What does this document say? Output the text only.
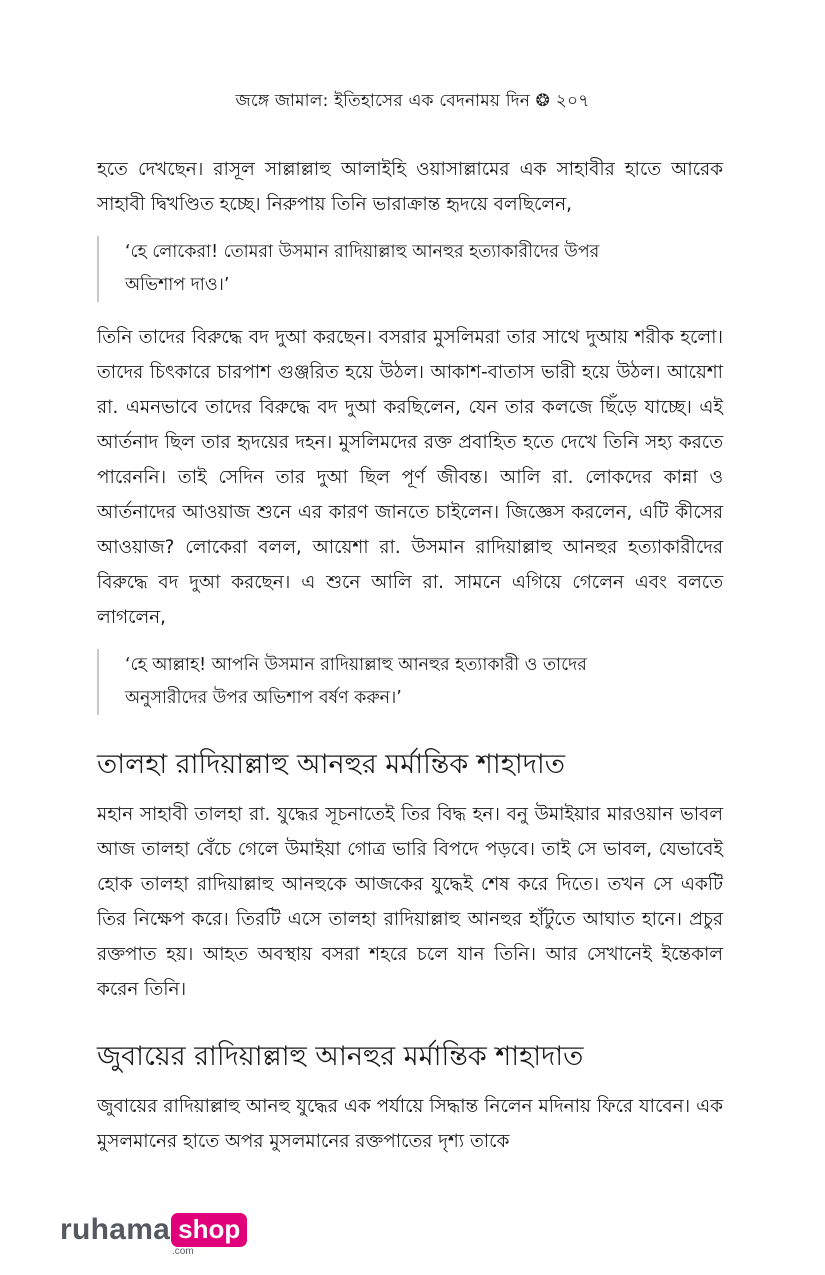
জঙ্গে জামাল: ইতিহাসের এক বেদনাময় দিন ❂ ২০৭

হতে দেখছেন। রাসূল সাল্লাল্লাহু আলাইহি ওয়াসাল্লামের এক সাহাবীর হাতে আরেক সাহাবী দ্বিখণ্ডিত হচ্ছে। নিরুপায় তিনি ভারাক্রান্ত হৃদয়ে বলছিলেন,

‘হে লোকেরা! তোমরা উসমান রাদিয়াল্লাহু আনহুর হত্যাকারীদের উপর

অভিশাপ দাও।’

তিনি তাদের বিরুদ্ধে বদ দুআ করছেন। বসরার মুসলিমরা তার সাথে দুআয় শরীক হলো। তাদের চিৎকারে চারপাশ গুঞ্জরিত হয়ে উঠল। আকাশ-বাতাস ভারী হয়ে উঠল। আয়েশা রা. এমনভাবে তাদের বিরুদ্ধে বদ দুআ করছিলেন, যেন তার কলজে ছিঁড়ে যাচ্ছে। এই আর্তনাদ ছিল তার হৃদয়ের দহন। মুসলিমদের রক্ত প্রবাহিত হতে দেখে তিনি সহ্য করতে পারেননি। তাই সেদিন তার দুআ ছিল পূর্ণ জীবন্ত। আলি রা. লোকদের কান্না ও আর্তনাদের আওয়াজ শুনে এর কারণ জানতে চাইলেন। জিজ্ঞেস করলেন, এটি কীসের আওয়াজ? লোকেরা বলল, আয়েশা রা. উসমান রাদিয়াল্লাহু আনহুর হত্যাকারীদের বিরুদ্ধে বদ দুআ করছেন। এ শুনে আলি রা. সামনে এগিয়ে গেলেন এবং বলতে লাগলেন,

‘হে আল্লাহ! আপনি উসমান রাদিয়াল্লাহু আনহুর হত্যাকারী ও তাদের

অনুসারীদের উপর অভিশাপ বর্ষণ করুন।’

তালহা রাদিয়াল্লাহু আনহুর মর্মান্তিক শাহাদাত

মহান সাহাবী তালহা রা. যুদ্ধের সূচনাতেই তির বিদ্ধ হন। বনু উমাইয়ার মারওয়ান ভাবল আজ তালহা বেঁচে গেলে উমাইয়া গোত্র ভারি বিপদে পড়বে। তাই সে ভাবল, যেভাবেই হোক তালহা রাদিয়াল্লাহু আনহুকে আজকের যুদ্ধেই শেষ করে দিতে। তখন সে একটি তির নিক্ষেপ করে। তিরটি এসে তালহা রাদিয়াল্লাহু আনহুর হাঁটুতে আঘাত হানে। প্রচুর রক্তপাত হয়। আহত অবস্থায় বসরা শহরে চলে যান তিনি। আর সেখানেই ইন্তেকাল করেন তিনি।

জুবায়ের রাদিয়াল্লাহু আনহুর মর্মান্তিক শাহাদাত

জুবায়ের রাদিয়াল্লাহু আনহু যুদ্ধের এক পর্যায়ে সিদ্ধান্ত নিলেন মদিনায় ফিরে যাবেন। এক মুসলমানের হাতে অপর মুসলমানের রক্তপাতের দৃশ্য তাকে

ruhama shop
.com
